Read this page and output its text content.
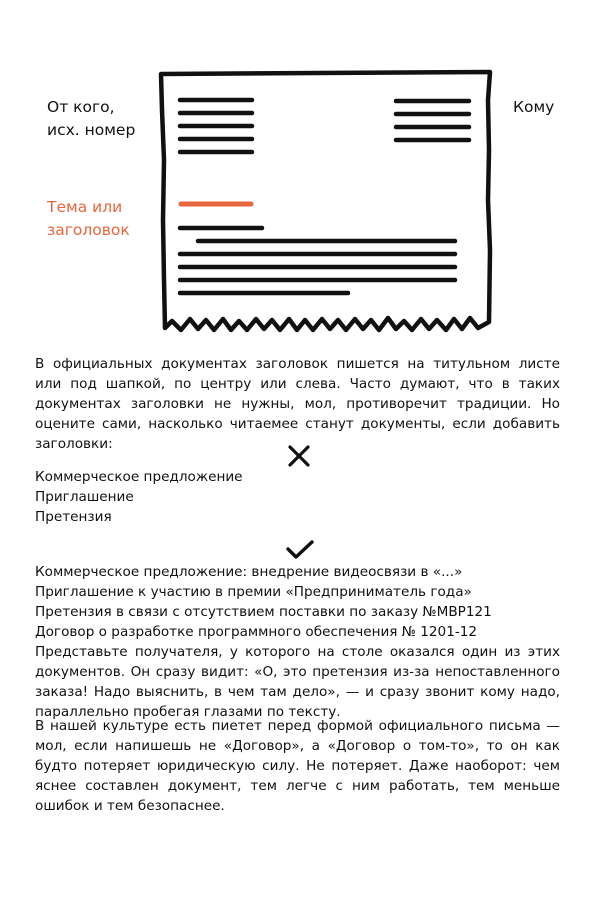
От кого,
исх. номер
Кому
Тема или
заголовок
В официальных документах заголовок пишется на титульном листе или под шапкой, по центру или слева. Часто думают, что в таких документах заголовки не нужны, мол, противоречит традиции. Но оцените сами, насколько читаемее станут документы, если добавить заголовки:
Коммерческое предложение
Приглашение
Претензия
Коммерческое предложение: внедрение видеосвязи в «...»
Приглашение к участию в премии «Предприниматель года»
Претензия в связи с отсутствием поставки по заказу №МВР121
Договор о разработке программного обеспечения № 1201-12
Представьте получателя, у которого на столе оказался один из этих документов. Он сразу видит: «О, это претензия из-за непоставленного заказа! Надо выяснить, в чем там дело», — и сразу звонит кому надо, параллельно пробегая глазами по тексту.
В нашей культуре есть пиетет перед формой официального письма — мол, если напишешь не «Договор», а «Договор о том-то», то он как будто потеряет юридическую силу. Не потеряет. Даже наоборот: чем яснее составлен документ, тем легче с ним работать, тем меньше ошибок и тем безопаснее.
